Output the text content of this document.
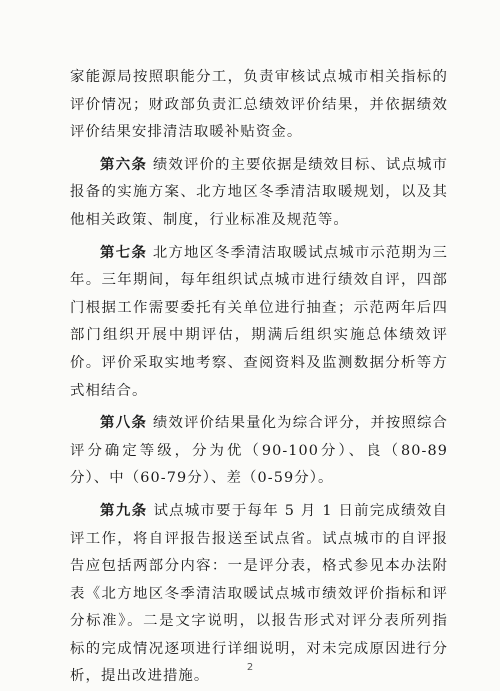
家能源局按照职能分工，负责审核试点城市相关指标的评价情况；财政部负责汇总绩效评价结果，并依据绩效评价结果安排清洁取暖补贴资金。

第六条 绩效评价的主要依据是绩效目标、试点城市报备的实施方案、北方地区冬季清洁取暖规划，以及其他相关政策、制度，行业标准及规范等。

第七条 北方地区冬季清洁取暖试点城市示范期为三年。三年期间，每年组织试点城市进行绩效自评，四部门根据工作需要委托有关单位进行抽查；示范两年后四部门组织开展中期评估，期满后组织实施总体绩效评价。评价采取实地考察、查阅资料及监测数据分析等方式相结合。

第八条 绩效评价结果量化为综合评分，并按照综合评分确定等级，分为优（90-100分）、良（80-89分）、中（60-79分）、差（0-59分）。

第九条 试点城市要于每年 5 月 1 日前完成绩效自评工作，将自评报告报送至试点省。试点城市的自评报告应包括两部分内容：一是评分表，格式参见本办法附表《北方地区冬季清洁取暖试点城市绩效评价指标和评分标准》。二是文字说明，以报告形式对评分表所列指标的完成情况逐项进行详细说明，对未完成原因进行分析，提出改进措施。

2
